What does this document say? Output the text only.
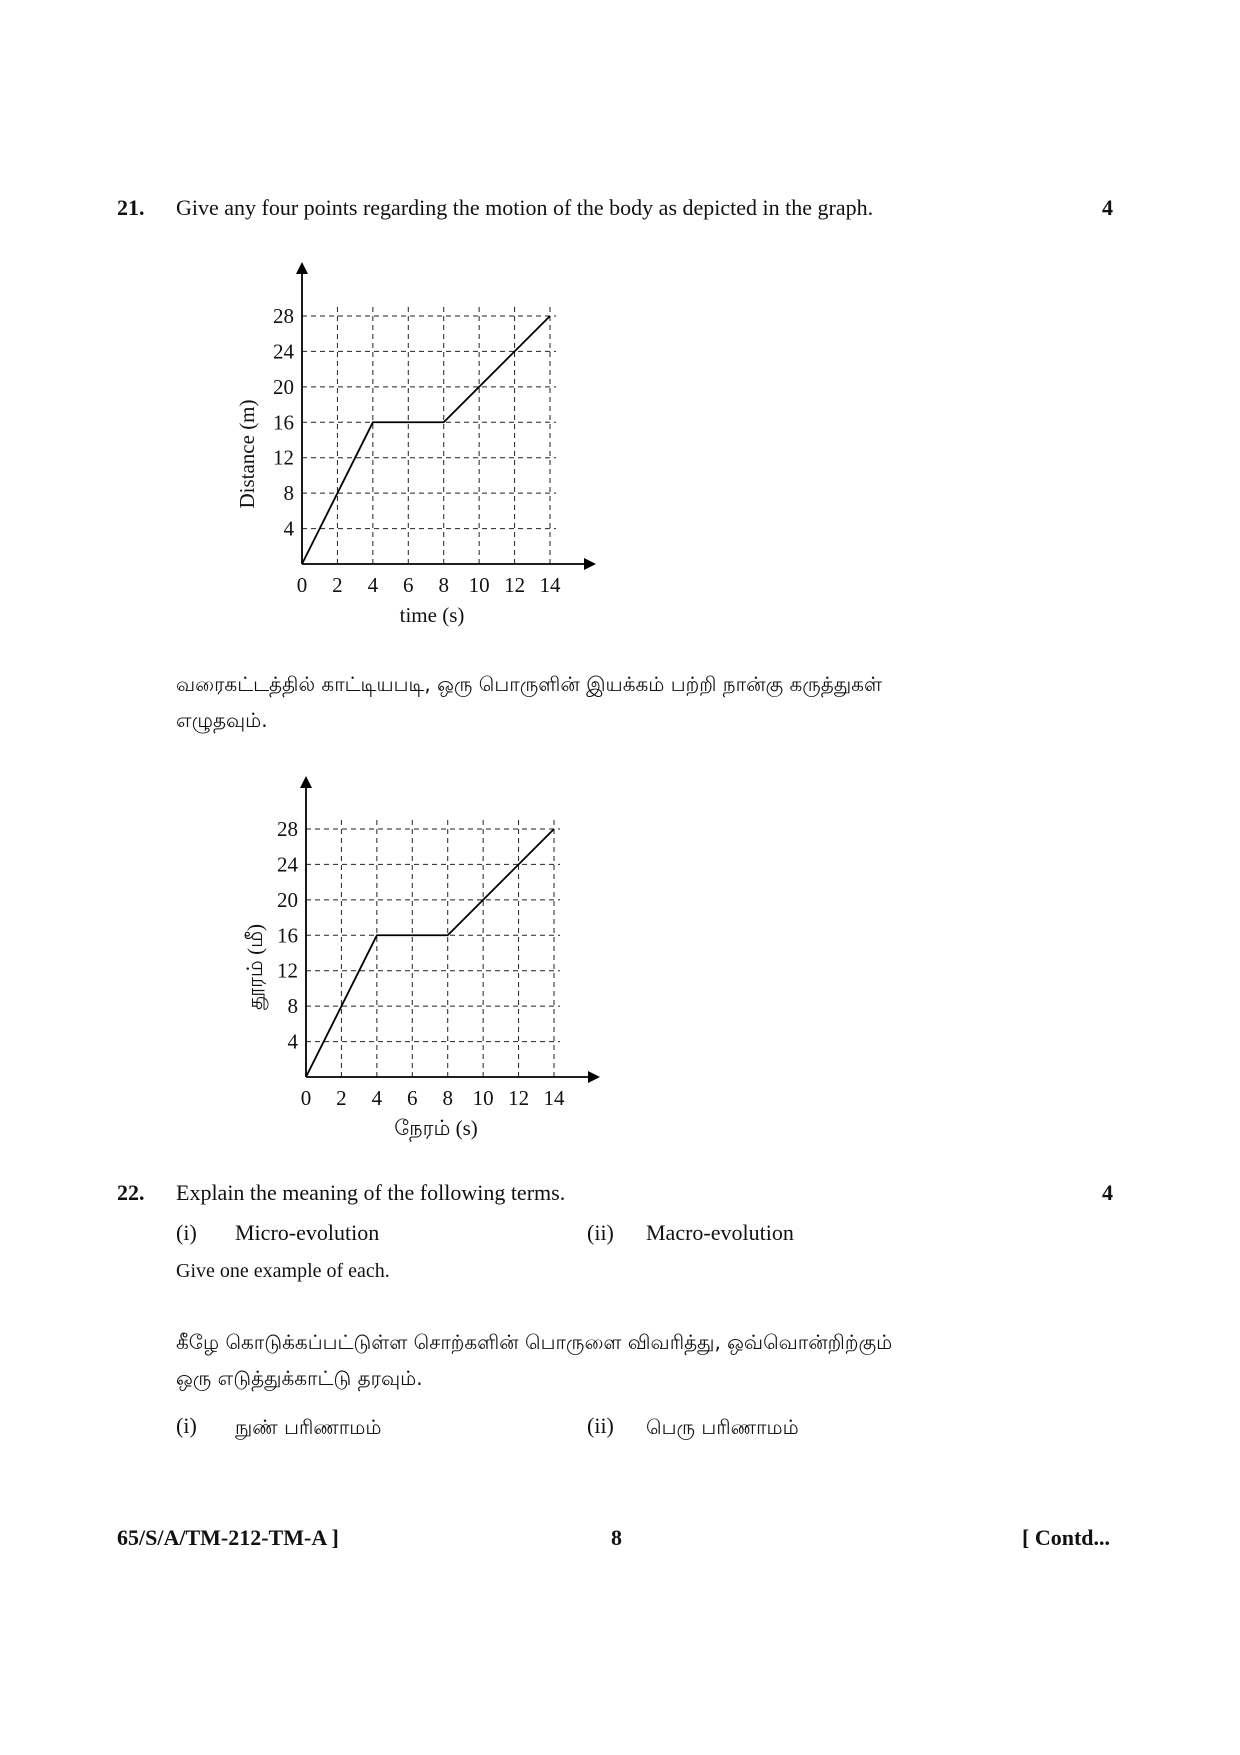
21. Give any four points regarding the motion of the body as depicted in the graph.	4
4
8
12
16
20
24
28
0 2 4 6 8 10 12 14
time (s)
Distance (m)
4
8
12
16
20
24
28
0 2 4 6 8 10 12 14
நேரம் (s)
தூரம் (மீ)
வரைகட்டத்தில் காட்டியபடி, ஒரு பொருளின் இயக்கம் பற்றி நான்கு கருத்துகள்
எழுதவும்.
22. Explain the meaning of the following terms.	4
(i) Micro-evolution	(ii) Macro-evolution
Give one example of each.
கீழே கொடுக்கப்பட்டுள்ள சொற்களின் பொருளை விவரித்து, ஒவ்வொன்றிற்கும்
ஒரு எடுத்துக்காட்டு தரவும்.
(i) நுண் பரிணாமம்	(ii) பெரு பரிணாமம்
65/S/A/TM-212-TM-A ]	8	[ Contd...
